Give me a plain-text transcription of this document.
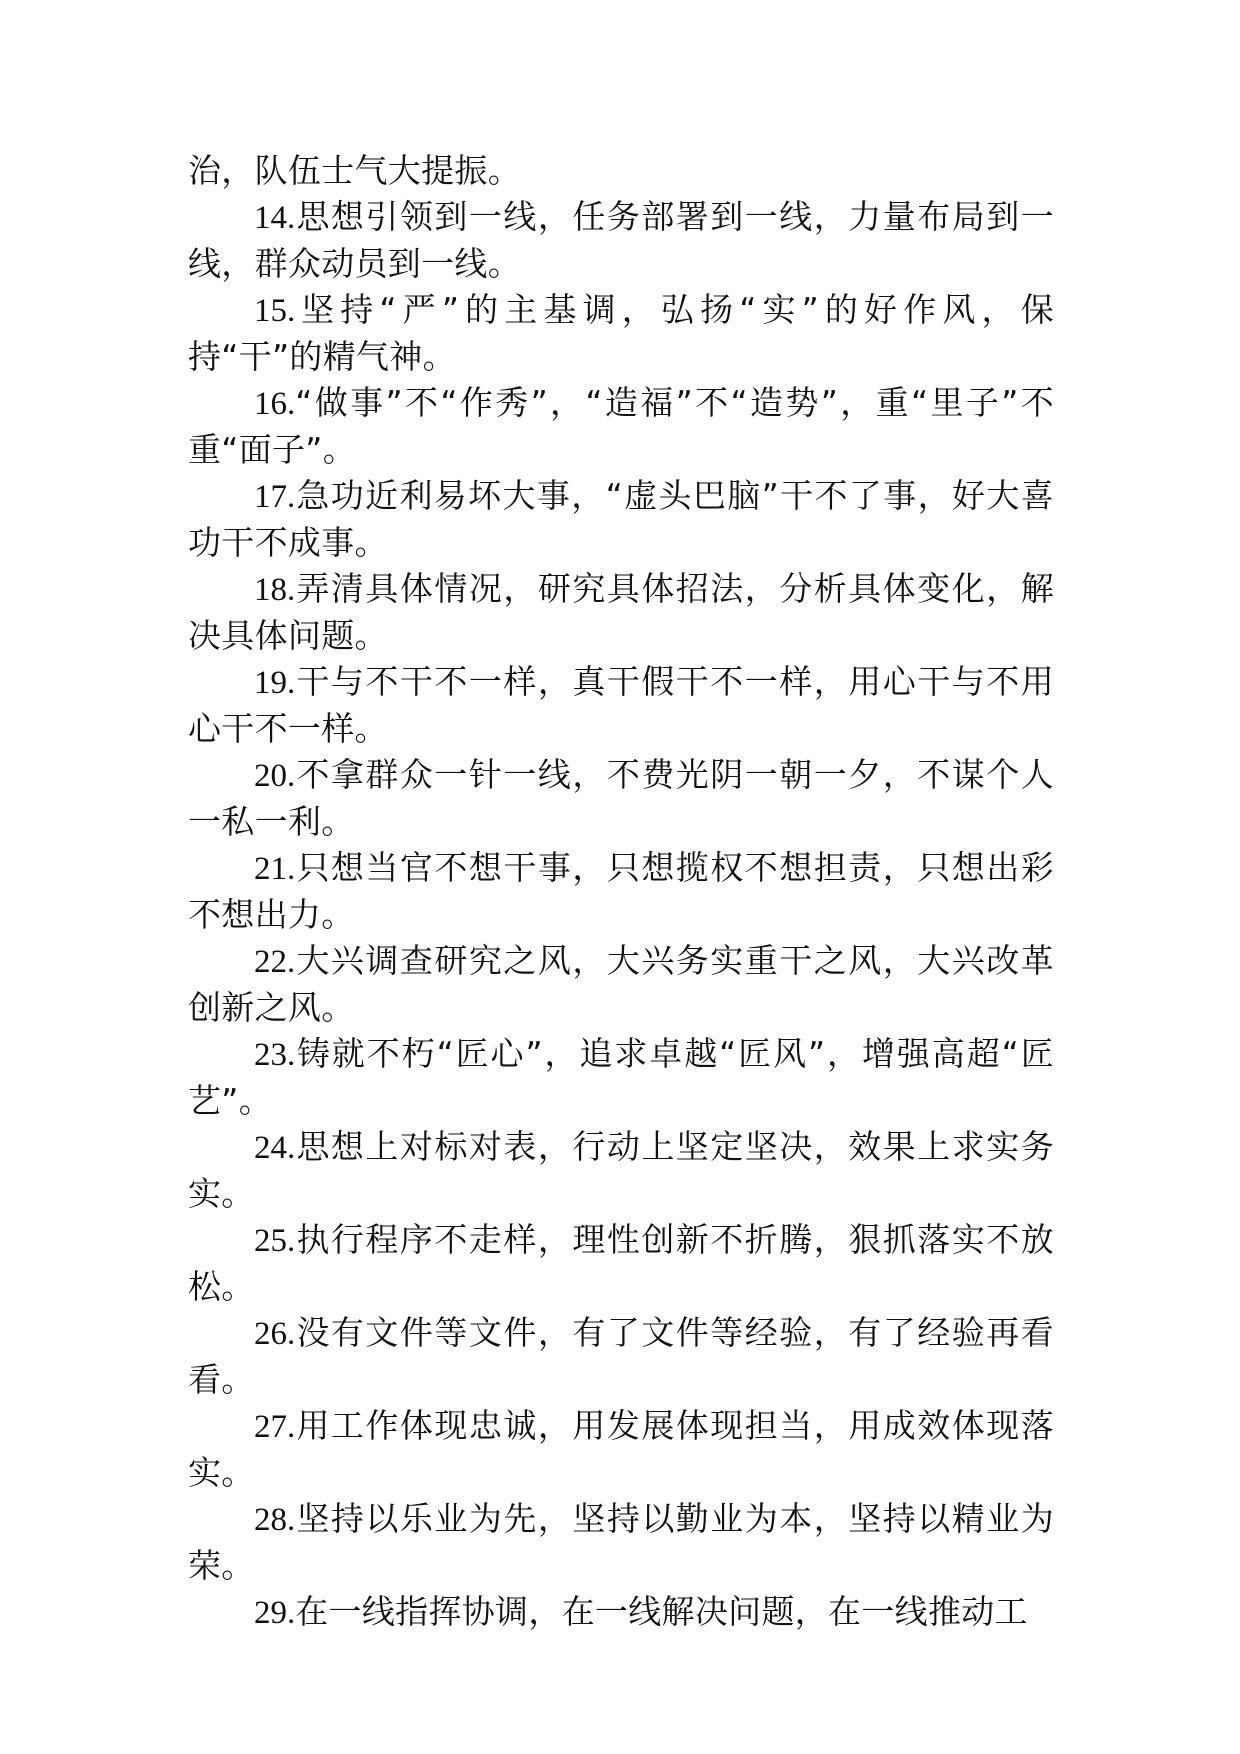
治，队伍士气大提振。

14.思想引领到一线，任务部署到一线，力量布局到一线，群众动员到一线。

15.坚持“严”的主基调，弘扬“实”的好作风，保持“干”的精气神。

16.“做事”不“作秀”，“造福”不“造势”，重“里子”不重“面子”。

17.急功近利易坏大事，“虚头巴脑”干不了事，好大喜功干不成事。

18.弄清具体情况，研究具体招法，分析具体变化，解决具体问题。

19.干与不干不一样，真干假干不一样，用心干与不用心干不一样。

20.不拿群众一针一线，不费光阴一朝一夕，不谋个人一私一利。

21.只想当官不想干事，只想揽权不想担责，只想出彩不想出力。

22.大兴调查研究之风，大兴务实重干之风，大兴改革创新之风。

23.铸就不朽“匠心”，追求卓越“匠风”，增强高超“匠艺”。

24.思想上对标对表，行动上坚定坚决，效果上求实务实。

25.执行程序不走样，理性创新不折腾，狠抓落实不放松。

26.没有文件等文件，有了文件等经验，有了经验再看看。

27.用工作体现忠诚，用发展体现担当，用成效体现落实。

28.坚持以乐业为先，坚持以勤业为本，坚持以精业为荣。

29.在一线指挥协调，在一线解决问题，在一线推动工
